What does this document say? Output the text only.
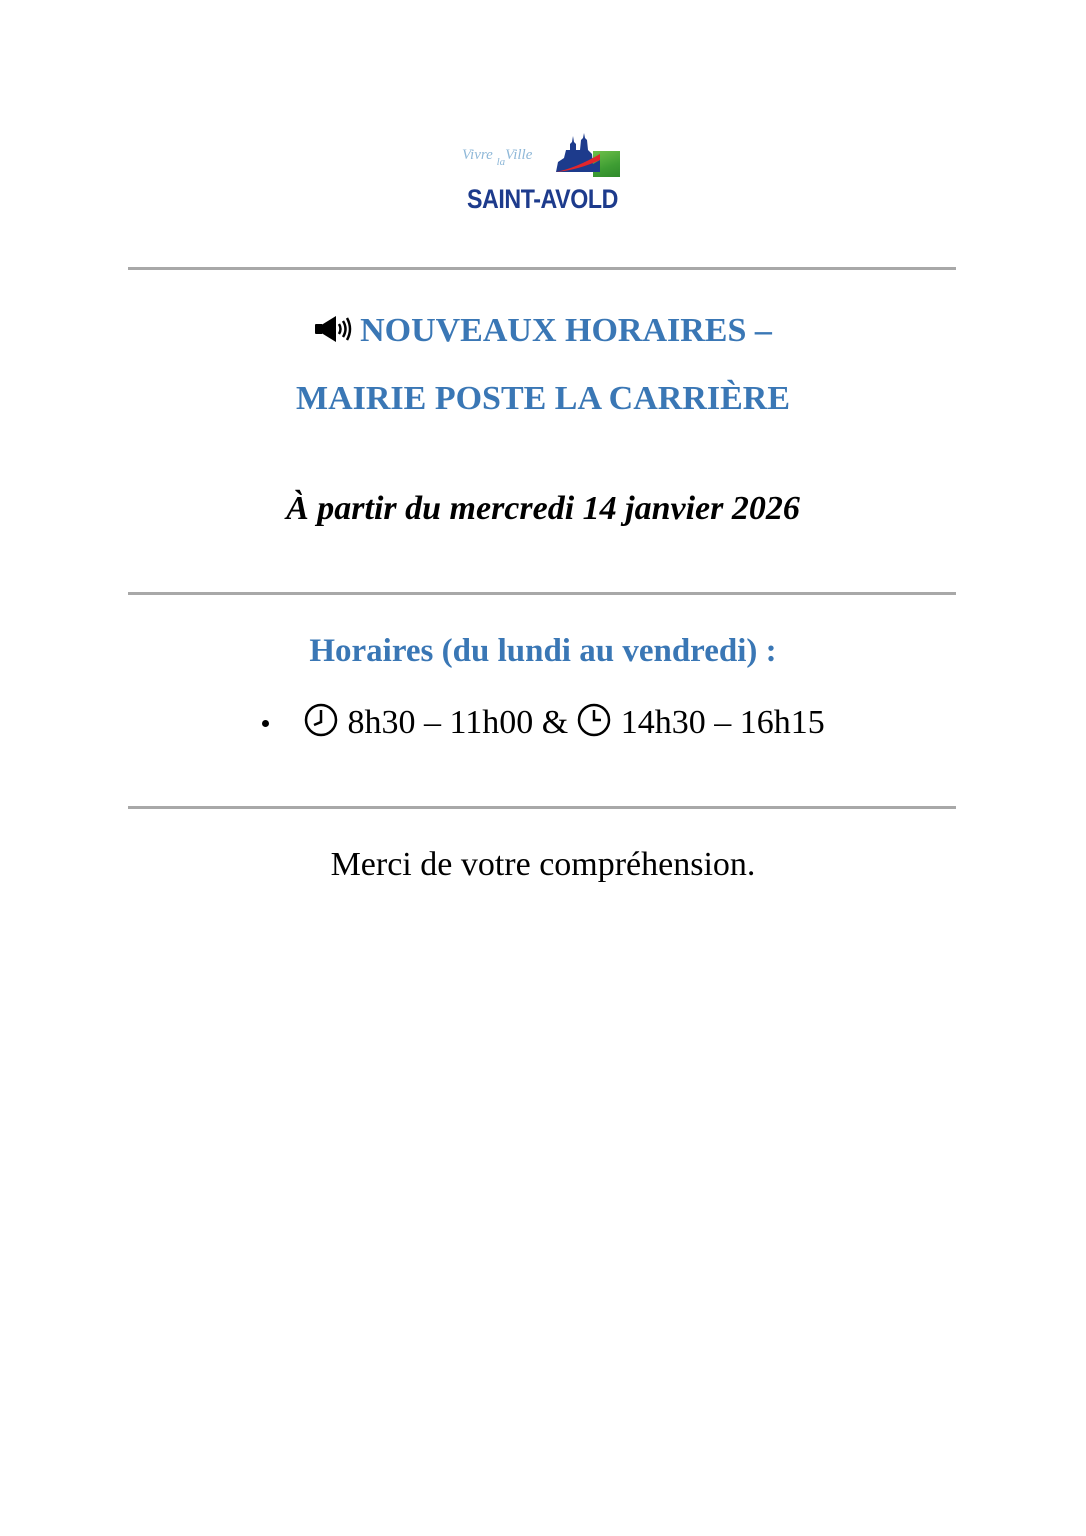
Vivre $_{la}$Ville
SAINT-AVOLD
NOUVEAUX HORAIRES –
MAIRIE POSTE LA CARRIÈRE
À partir du mercredi 14 janvier 2026
Horaires (du lundi au vendredi) :
8h30 – 11h00 & 14h30 – 16h15
Merci de votre compréhension.
